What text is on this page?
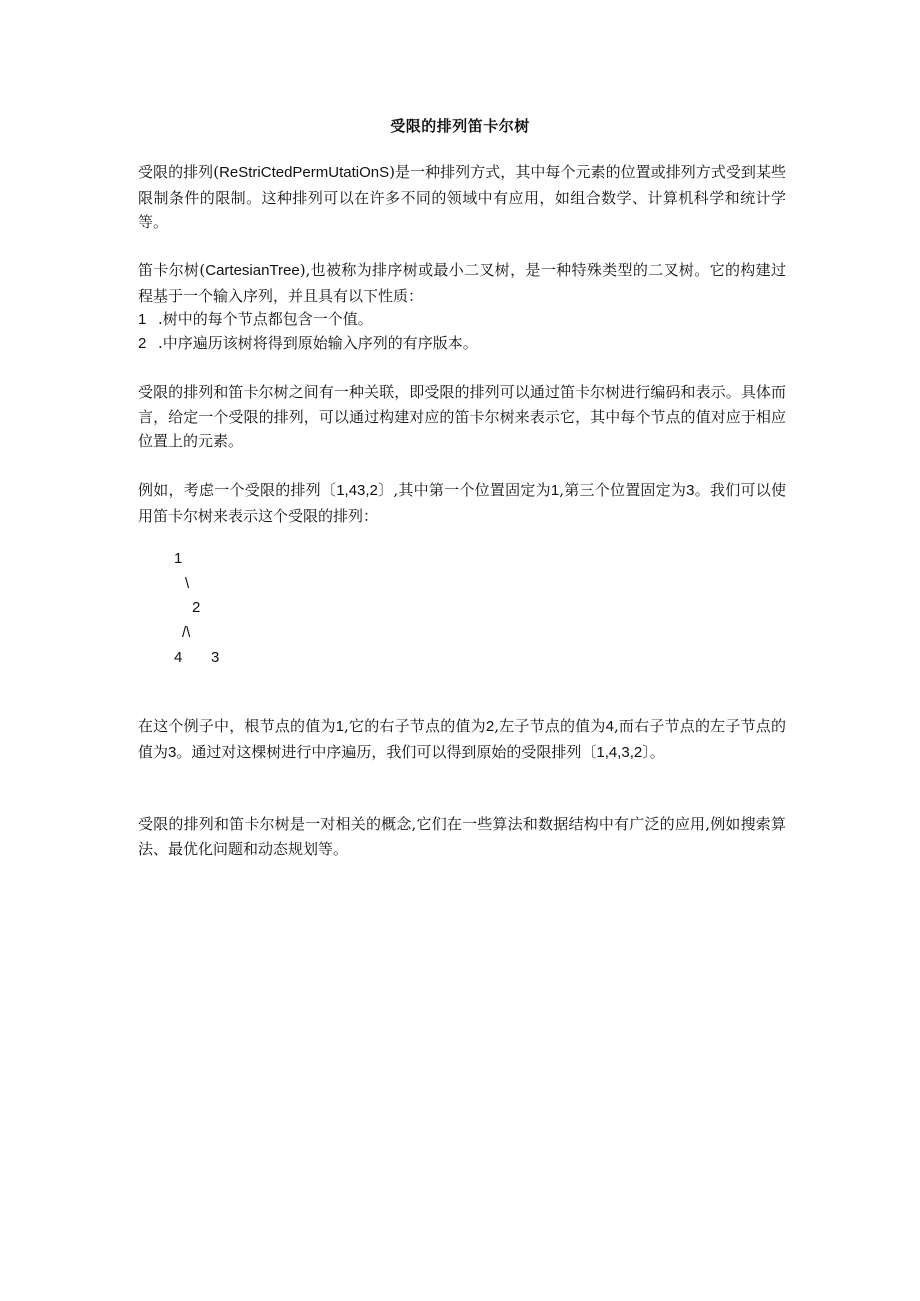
受限的排列笛卡尔树

受限的排列(ReStriCtedPermUtatiOnS)是一种排列方式，其中每个元素的位置或排列方式受到某些限制条件的限制。这种排列可以在许多不同的领域中有应用，如组合数学、计算机科学和统计学等。

笛卡尔树(CartesianTree),也被称为排序树或最小二叉树，是一种特殊类型的二叉树。它的构建过程基于一个输入序列，并且具有以下性质：

1 .树中的每个节点都包含一个值。

2 .中序遍历该树将得到原始输入序列的有序版本。

受限的排列和笛卡尔树之间有一种关联，即受限的排列可以通过笛卡尔树进行编码和表示。具体而言，给定一个受限的排列，可以通过构建对应的笛卡尔树来表示它，其中每个节点的值对应于相应位置上的元素。

例如，考虑一个受限的排列〔1,43,2〕,其中第一个位置固定为1,第三个位置固定为3。我们可以使用笛卡尔树来表示这个受限的排列：

1

\

2

/\

4 3

在这个例子中，根节点的值为1,它的右子节点的值为2,左子节点的值为4,而右子节点的左子节点的值为3。通过对这棵树进行中序遍历，我们可以得到原始的受限排列〔1,4,3,2〕。

受限的排列和笛卡尔树是一对相关的概念,它们在一些算法和数据结构中有广泛的应用,例如搜索算法、最优化问题和动态规划等。
